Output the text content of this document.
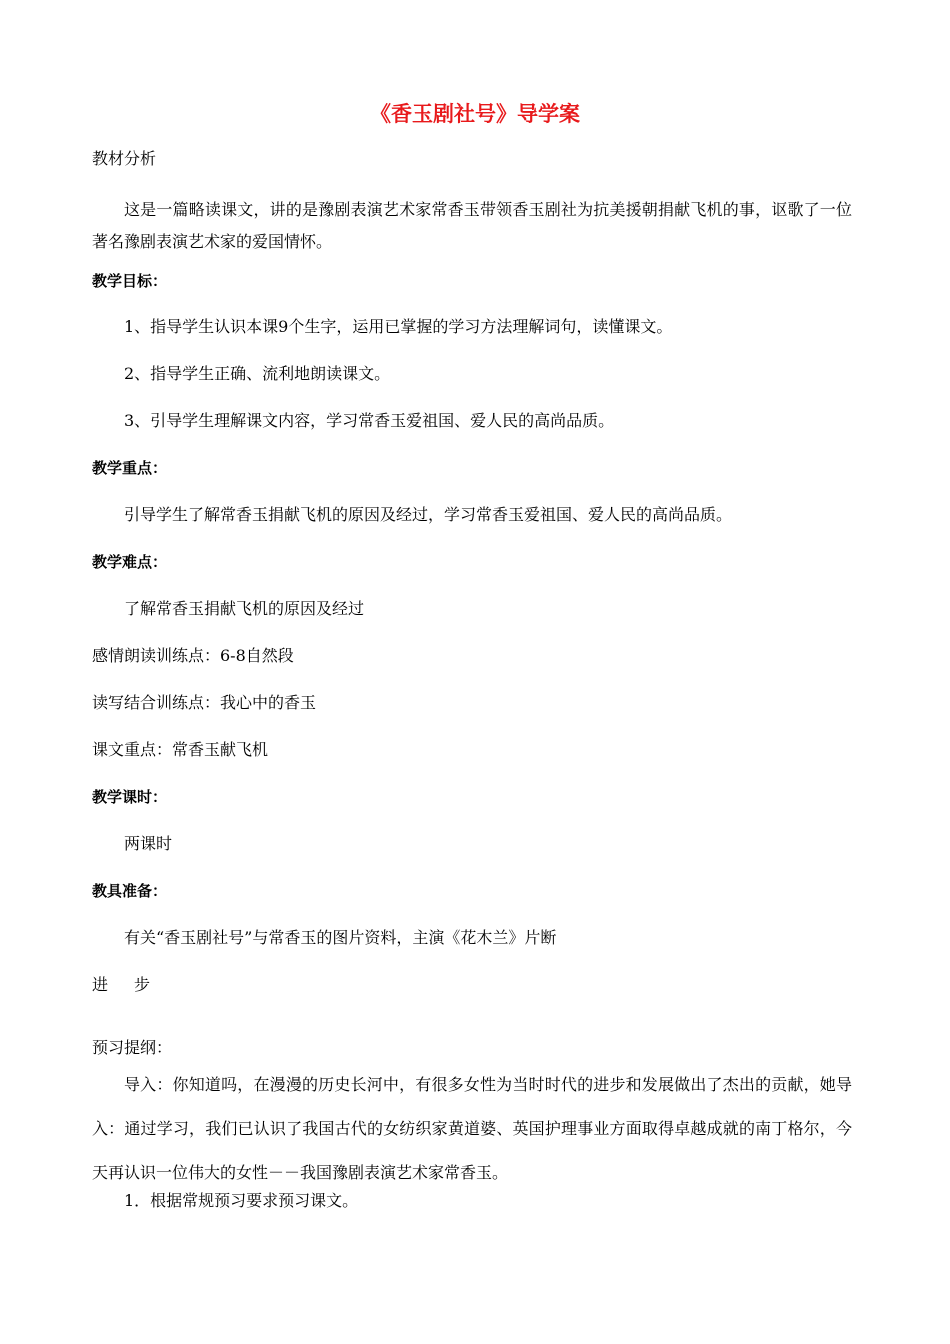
《香玉剧社号》导学案
教材分析
这是一篇略读课文，讲的是豫剧表演艺术家常香玉带领香玉剧社为抗美援朝捐献飞机的事，讴歌了一位著名豫剧表演艺术家的爱国情怀。
教学目标：
1、指导学生认识本课9个生字，运用已掌握的学习方法理解词句，读懂课文。
2、指导学生正确、流利地朗读课文。
3、引导学生理解课文内容，学习常香玉爱祖国、爱人民的高尚品质。
教学重点：
引导学生了解常香玉捐献飞机的原因及经过，学习常香玉爱祖国、爱人民的高尚品质。
教学难点：
了解常香玉捐献飞机的原因及经过
感情朗读训练点：6-8自然段
读写结合训练点：我心中的香玉
课文重点：常香玉献飞机
教学课时：
两课时
教具准备：
有关“香玉剧社号”与常香玉的图片资料，主演《花木兰》片断
进 步
预习提纲：
导入：你知道吗，在漫漫的历史长河中，有很多女性为当时时代的进步和发展做出了杰出的贡献，她导入：通过学习，我们已认识了我国古代的女纺织家黄道婆、英国护理事业方面取得卓越成就的南丁格尔，今天再认识一位伟大的女性－－我国豫剧表演艺术家常香玉。
1．根据常规预习要求预习课文。
